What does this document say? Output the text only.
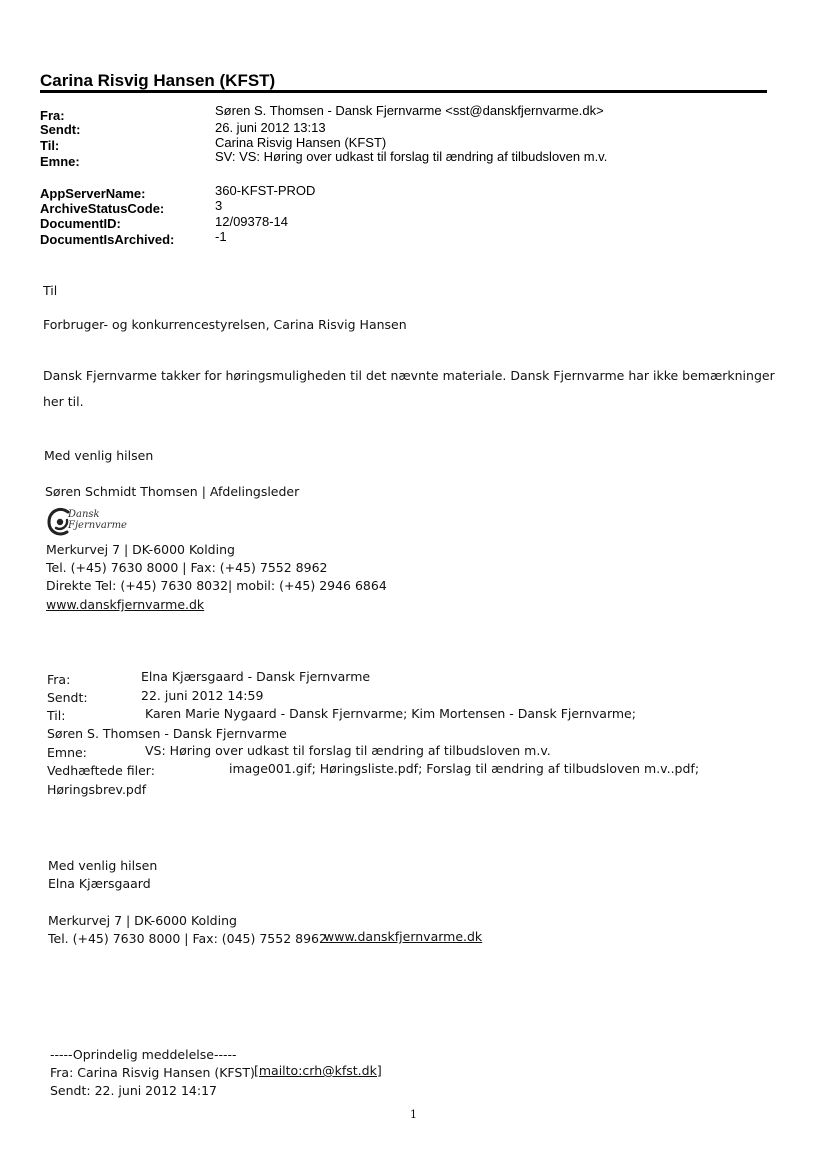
Carina Risvig Hansen (KFST)
Fra:	Søren S. Thomsen - Dansk Fjernvarme <sst@danskfjernvarme.dk>
Sendt:	26. juni 2012 13:13
Til:	Carina Risvig Hansen (KFST)
Emne:	SV: VS: Høring over udkast til forslag til ændring af tilbudsloven m.v.
AppServerName:	360-KFST-PROD
ArchiveStatusCode:	3
DocumentID:	12/09378-14
DocumentIsArchived:	-1
Til
Forbruger- og konkurrencestyrelsen, Carina Risvig Hansen
Dansk Fjernvarme takker for høringsmuligheden til det nævnte materiale. Dansk Fjernvarme har ikke bemærkninger
her til.
Med venlig hilsen
Søren Schmidt Thomsen | Afdelingsleder
Dansk
Fjernvarme
Merkurvej 7 | DK-6000 Kolding
Tel. (+45) 7630 8000 | Fax: (+45) 7552 8962
Direkte Tel: (+45) 7630 8032| mobil: (+45) 2946 6864
www.danskfjernvarme.dk
Fra:	Elna Kjærsgaard - Dansk Fjernvarme
Sendt:	22. juni 2012 14:59
Til:	Karen Marie Nygaard - Dansk Fjernvarme; Kim Mortensen - Dansk Fjernvarme;
Søren S. Thomsen - Dansk Fjernvarme
Emne:	VS: Høring over udkast til forslag til ændring af tilbudsloven m.v.
Vedhæftede filer:	image001.gif; Høringsliste.pdf; Forslag til ændring af tilbudsloven m.v..pdf;
Høringsbrev.pdf
Med venlig hilsen
Elna Kjærsgaard
Merkurvej 7 | DK-6000 Kolding
Tel. (+45) 7630 8000 | Fax: (045) 7552 8962
www.danskfjernvarme.dk
-----Oprindelig meddelelse-----
Fra: Carina Risvig Hansen (KFST) [mailto:crh@kfst.dk]
Sendt: 22. juni 2012 14:17
1
